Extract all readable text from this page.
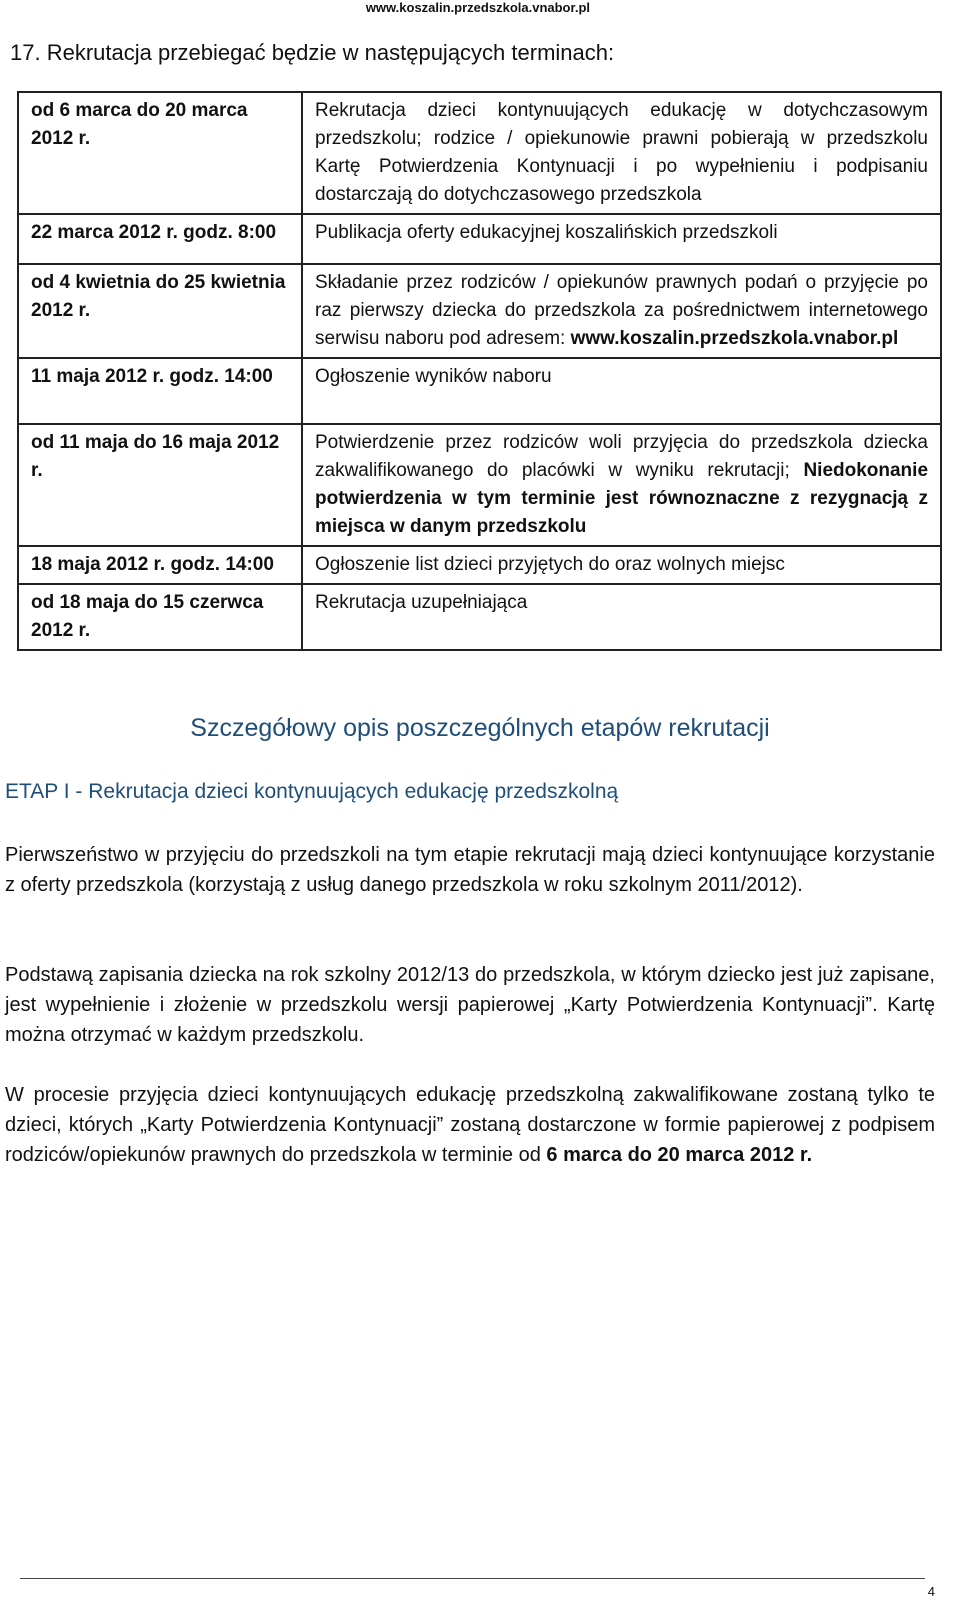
www.koszalin.przedszkola.vnabor.pl
17. Rekrutacja przebiegać będzie w następujących terminach:
od 6 marca do 20 marca 2012 r.	Rekrutacja dzieci kontynuujących edukację w dotychczasowym przedszkolu; rodzice / opiekunowie prawni pobierają w przedszkolu Kartę Potwierdzenia Kontynuacji i po wypełnieniu i podpisaniu dostarczają do dotychczasowego przedszkola
22 marca 2012 r. godz. 8:00	Publikacja oferty edukacyjnej koszalińskich przedszkoli
od 4 kwietnia do 25 kwietnia 2012 r.	Składanie przez rodziców / opiekunów prawnych podań o przyjęcie po raz pierwszy dziecka do przedszkola za pośrednictwem internetowego serwisu naboru pod adresem: www.koszalin.przedszkola.vnabor.pl
11 maja 2012 r. godz. 14:00	Ogłoszenie wyników naboru
od 11 maja do 16 maja 2012 r.	Potwierdzenie przez rodziców woli przyjęcia do przedszkola dziecka zakwalifikowanego do placówki w wyniku rekrutacji; Niedokonanie potwierdzenia w tym terminie jest równoznaczne z rezygnacją z miejsca w danym przedszkolu
18 maja 2012 r. godz. 14:00	Ogłoszenie list dzieci przyjętych do oraz wolnych miejsc
od 18 maja do 15 czerwca 2012 r.	Rekrutacja uzupełniająca
Szczegółowy opis poszczególnych etapów rekrutacji
ETAP I - Rekrutacja dzieci kontynuujących edukację przedszkolną

Pierwszeństwo w przyjęciu do przedszkoli na tym etapie rekrutacji mają dzieci kontynuujące korzystanie z oferty przedszkola (korzystają z usług danego przedszkola w roku szkolnym 2011/2012).

Podstawą zapisania dziecka na rok szkolny 2012/13 do przedszkola, w którym dziecko jest już zapisane, jest wypełnienie i złożenie w przedszkolu wersji papierowej „Karty Potwierdzenia Kontynuacji”. Kartę można otrzymać w każdym przedszkolu.

W procesie przyjęcia dzieci kontynuujących edukację przedszkolną zakwalifikowane zostaną tylko te dzieci, których „Karty Potwierdzenia Kontynuacji” zostaną dostarczone w formie papierowej z podpisem rodziców/opiekunów prawnych do przedszkola w terminie od 6 marca do 20 marca 2012 r.

4
